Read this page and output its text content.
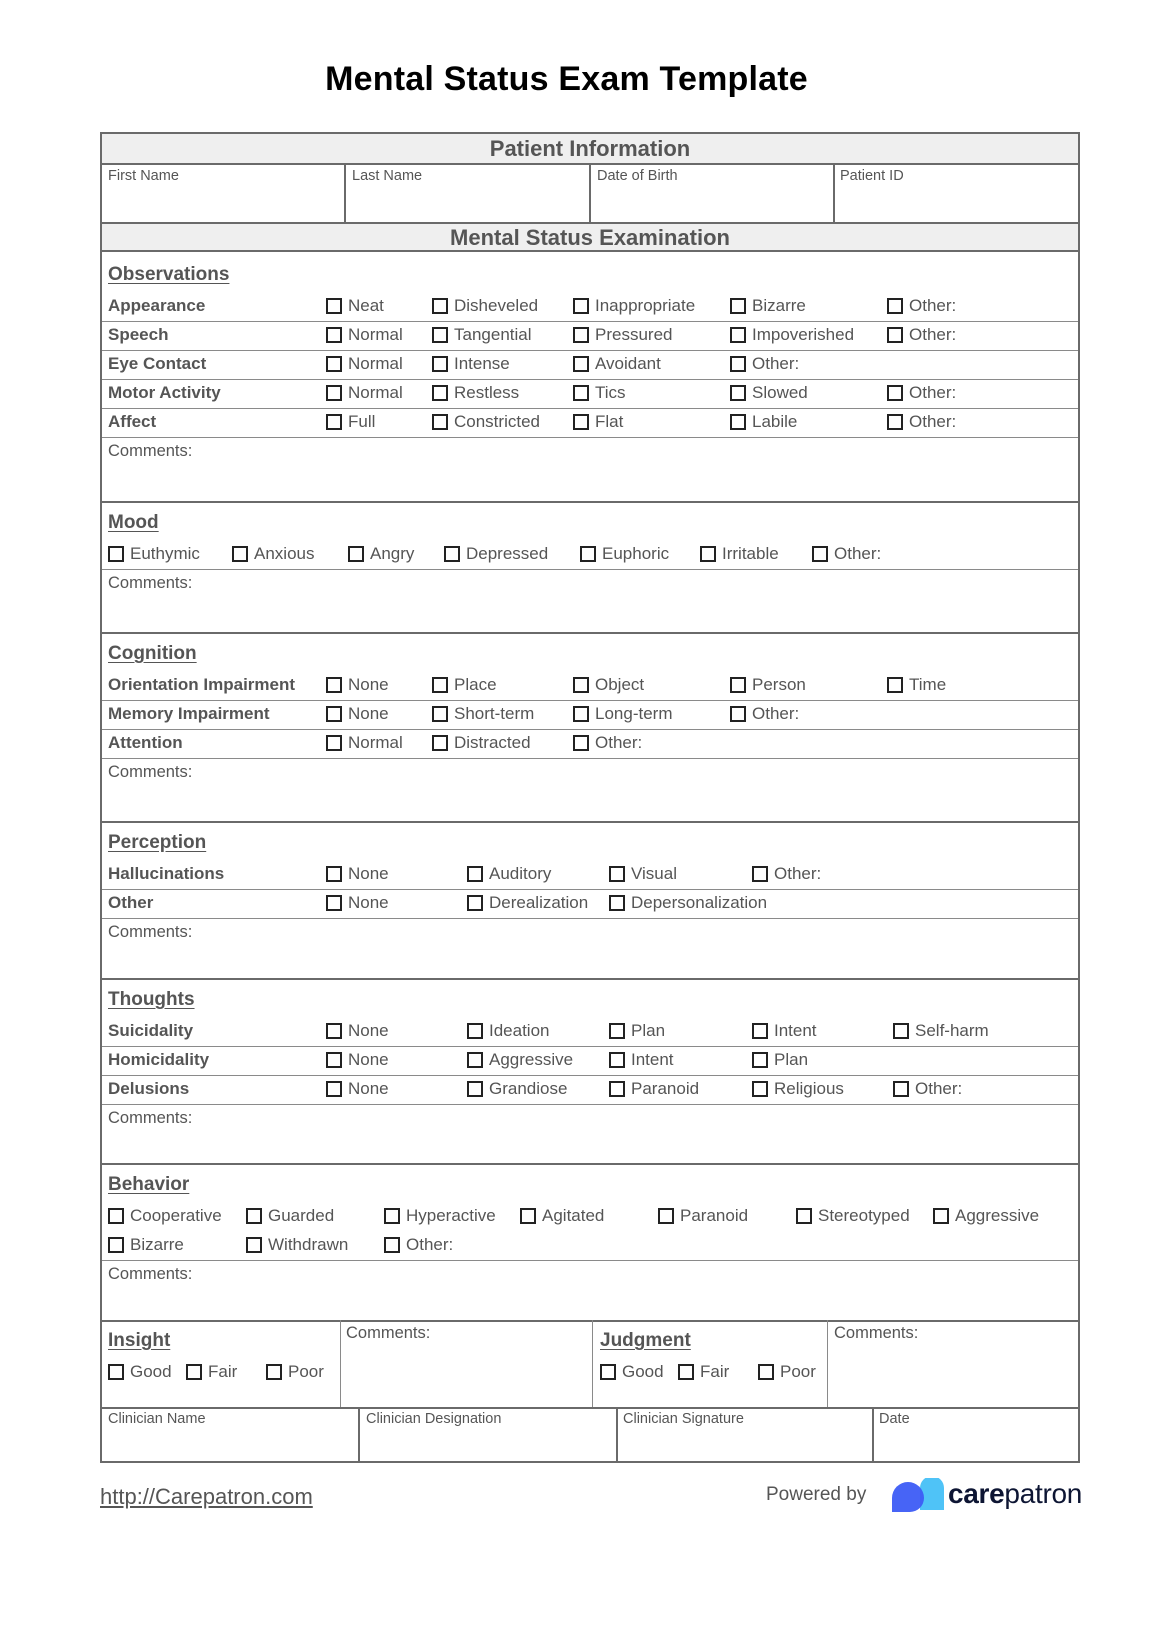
Mental Status Exam Template
Patient Information
First Name	Last Name	Date of Birth	Patient ID
Mental Status Examination
Observations
Appearance	Neat	Disheveled	Inappropriate	Bizarre	Other:
Speech	Normal	Tangential	Pressured	Impoverished	Other:
Eye Contact	Normal	Intense	Avoidant	Other:
Motor Activity	Normal	Restless	Tics	Slowed	Other:
Affect	Full	Constricted	Flat	Labile	Other:
Comments:
Mood
Euthymic	Anxious	Angry	Depressed	Euphoric	Irritable	Other:
Comments:
Cognition
Orientation Impairment	None	Place	Object	Person	Time
Memory Impairment	None	Short-term	Long-term	Other:
Attention	Normal	Distracted	Other:
Comments:
Perception
Hallucinations	None	Auditory	Visual	Other:
Other	None	Derealization	Depersonalization
Comments:
Thoughts
Suicidality	None	Ideation	Plan	Intent	Self-harm
Homicidality	None	Aggressive	Intent	Plan
Delusions	None	Grandiose	Paranoid	Religious	Other:
Comments:
Behavior
Cooperative	Guarded	Hyperactive	Agitated	Paranoid	Stereotyped	Aggressive
Bizarre	Withdrawn	Other:
Comments:
Insight
Good Fair	Poor
Comments:	Judgment
Good Fair	Poor
Comments:
Clinician Name	Clinician Designation	Clinician Signature	Date
http://Carepatron.com	Powered by	carepatron
